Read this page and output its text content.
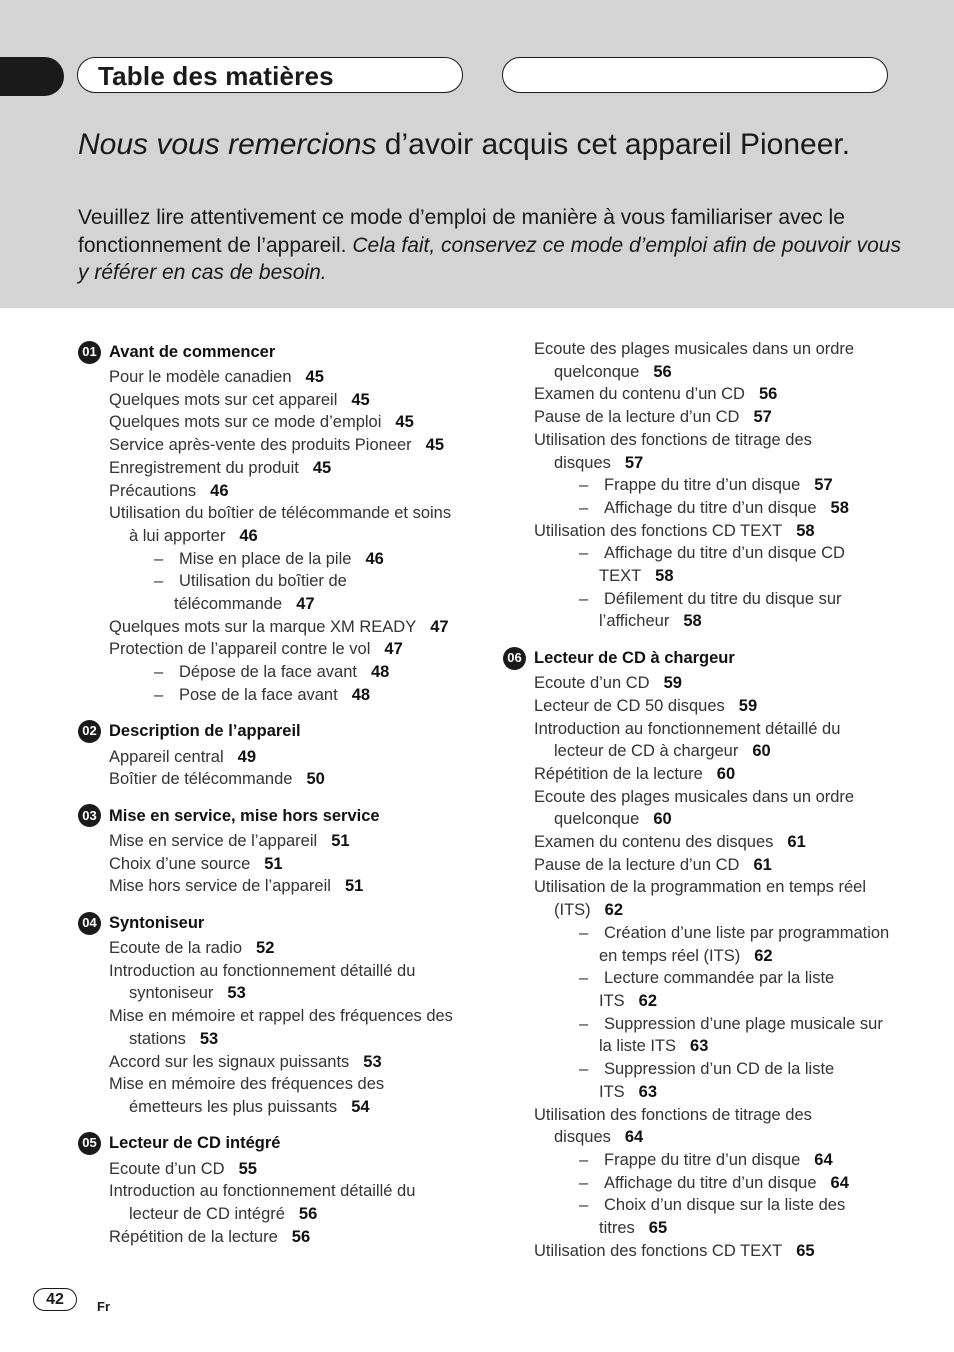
Table des matières
Nous vous remercions d’avoir acquis cet appareil Pioneer.

Veuillez lire attentivement ce mode d’emploi de manière à vous familiariser avec le fonctionnement de l’appareil. Cela fait, conservez ce mode d’emploi afin de pouvoir vous y référer en cas de besoin.

01 Avant de commencer
Pour le modèle canadien 45
Quelques mots sur cet appareil 45
Quelques mots sur ce mode d’emploi 45
Service après-vente des produits Pioneer 45
Enregistrement du produit 45
Précautions 46
Utilisation du boîtier de télécommande et soins à lui apporter 46
– Mise en place de la pile 46
– Utilisation du boîtier de télécommande 47
Quelques mots sur la marque XM READY 47
Protection de l’appareil contre le vol 47
– Dépose de la face avant 48
– Pose de la face avant 48
02 Description de l’appareil
Appareil central 49
Boîtier de télécommande 50
03 Mise en service, mise hors service
Mise en service de l’appareil 51
Choix d’une source 51
Mise hors service de l’appareil 51
04 Syntoniseur
Ecoute de la radio 52
Introduction au fonctionnement détaillé du syntoniseur 53
Mise en mémoire et rappel des fréquences des stations 53
Accord sur les signaux puissants 53
Mise en mémoire des fréquences des émetteurs les plus puissants 54
05 Lecteur de CD intégré
Ecoute d’un CD 55
Introduction au fonctionnement détaillé du lecteur de CD intégré 56
Répétition de la lecture 56
Ecoute des plages musicales dans un ordre quelconque 56
Examen du contenu d’un CD 56
Pause de la lecture d’un CD 57
Utilisation des fonctions de titrage des disques 57
– Frappe du titre d’un disque 57
– Affichage du titre d’un disque 58
Utilisation des fonctions CD TEXT 58
– Affichage du titre d’un disque CD TEXT 58
– Défilement du titre du disque sur l’afficheur 58
06 Lecteur de CD à chargeur
Ecoute d’un CD 59
Lecteur de CD 50 disques 59
Introduction au fonctionnement détaillé du lecteur de CD à chargeur 60
Répétition de la lecture 60
Ecoute des plages musicales dans un ordre quelconque 60
Examen du contenu des disques 61
Pause de la lecture d’un CD 61
Utilisation de la programmation en temps réel (ITS) 62
– Création d’une liste par programmation en temps réel (ITS) 62
– Lecture commandée par la liste ITS 62
– Suppression d’une plage musicale sur la liste ITS 63
– Suppression d’un CD de la liste ITS 63
Utilisation des fonctions de titrage des disques 64
– Frappe du titre d’un disque 64
– Affichage du titre d’un disque 64
– Choix d’un disque sur la liste des titres 65
Utilisation des fonctions CD TEXT 65
42	Fr
